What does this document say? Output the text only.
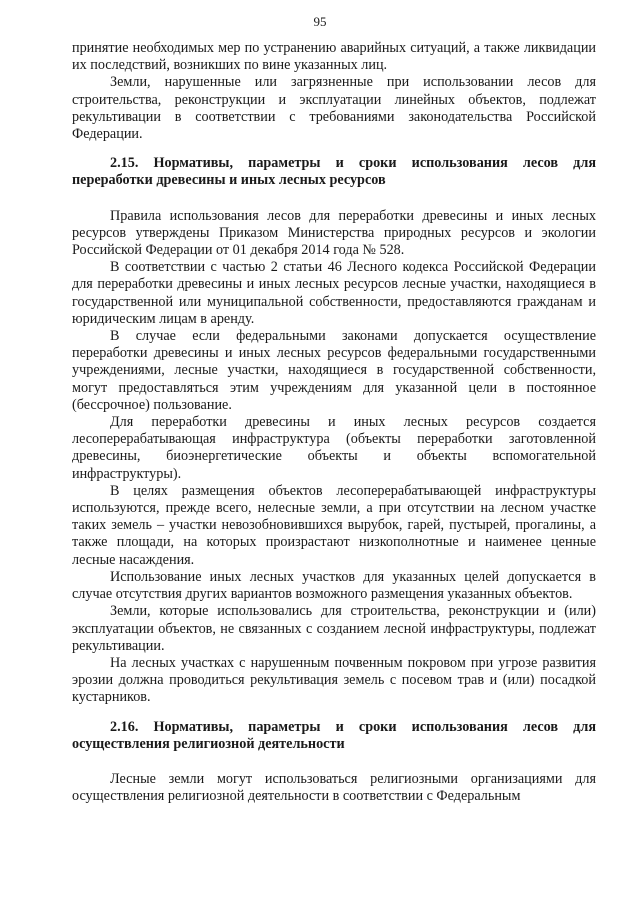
95

принятие необходимых мер по устранению аварийных ситуаций, а также ликвидации их последствий, возникших по вине указанных лиц.

Земли, нарушенные или загрязненные при использовании лесов для строительства, реконструкции и эксплуатации линейных объектов, подлежат рекультивации в соответствии с требованиями законодательства Российской Федерации.

2.15. Нормативы, параметры и сроки использования лесов для переработки древесины и иных лесных ресурсов

Правила использования лесов для переработки древесины и иных лесных ресурсов утверждены Приказом Министерства природных ресурсов и экологии Российской Федерации от 01 декабря 2014 года № 528.

В соответствии с частью 2 статьи 46 Лесного кодекса Российской Федерации для переработки древесины и иных лесных ресурсов лесные участки, находящиеся в государственной или муниципальной собственности, предоставляются гражданам и юридическим лицам в аренду.

В случае если федеральными законами допускается осуществление переработки древесины и иных лесных ресурсов федеральными государственными учреждениями, лесные участки, находящиеся в государственной собственности, могут предоставляться этим учреждениям для указанной цели в постоянное (бессрочное) пользование.

Для переработки древесины и иных лесных ресурсов создается лесоперерабатывающая инфраструктура (объекты переработки заготовленной древесины, биоэнергетические объекты и объекты вспомогательной инфраструктуры).

В целях размещения объектов лесоперерабатывающей инфраструктуры используются, прежде всего, нелесные земли, а при отсутствии на лесном участке таких земель – участки невозобновившихся вырубок, гарей, пустырей, прогалины, а также площади, на которых произрастают низкополнотные и наименее ценные лесные насаждения.

Использование иных лесных участков для указанных целей допускается в случае отсутствия других вариантов возможного размещения указанных объектов.

Земли, которые использовались для строительства, реконструкции и (или) эксплуатации объектов, не связанных с созданием лесной инфраструктуры, подлежат рекультивации.

На лесных участках с нарушенным почвенным покровом при угрозе развития эрозии должна проводиться рекультивация земель с посевом трав и (или) посадкой кустарников.

2.16. Нормативы, параметры и сроки использования лесов для осуществления религиозной деятельности

Лесные земли могут использоваться религиозными организациями для осуществления религиозной деятельности в соответствии с Федеральным
